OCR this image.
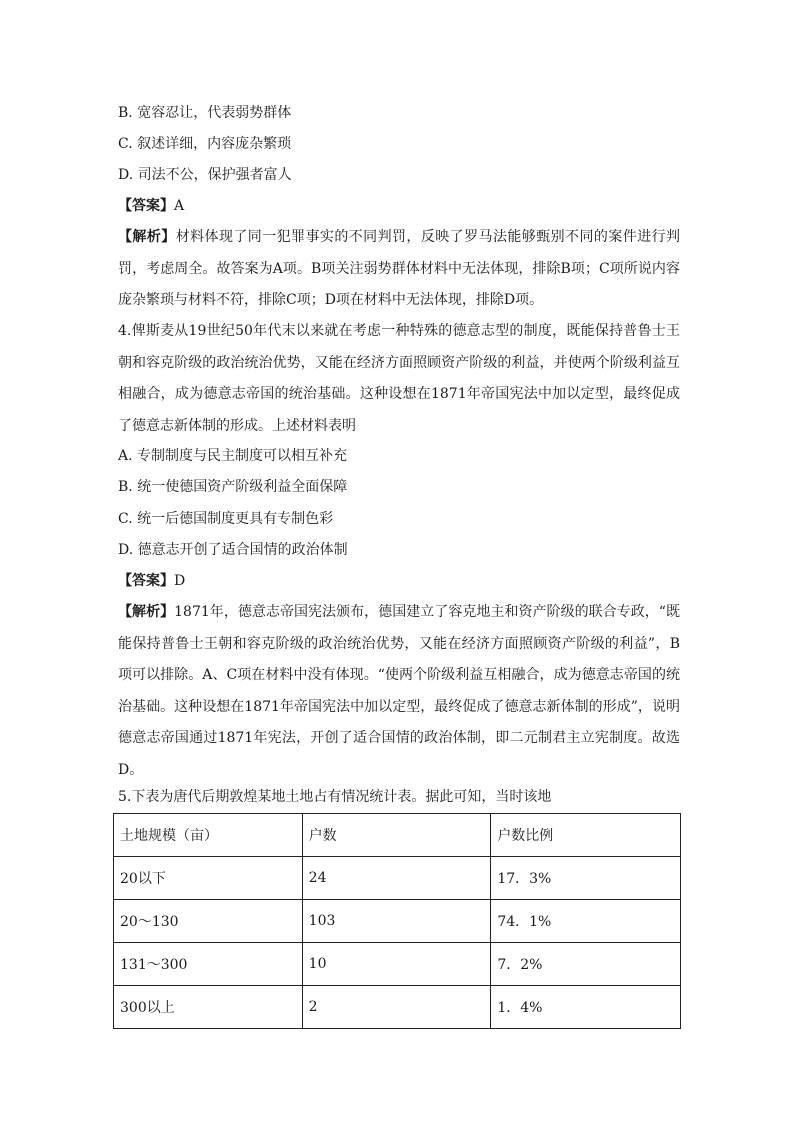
B. 宽容忍让，代表弱势群体
C. 叙述详细，内容庞杂繁琐
D. 司法不公，保护强者富人
【答案】A
【解析】材料体现了同一犯罪事实的不同判罚，反映了罗马法能够甄别不同的案件进行判罚，考虑周全。故答案为A项。B项关注弱势群体材料中无法体现，排除B项；C项所说内容庞杂繁琐与材料不符，排除C项；D项在材料中无法体现，排除D项。
4.俾斯麦从19世纪50年代末以来就在考虑一种特殊的德意志型的制度，既能保持普鲁士王朝和容克阶级的政治统治优势，又能在经济方面照顾资产阶级的利益，并使两个阶级利益互相融合，成为德意志帝国的统治基础。这种设想在1871年帝国宪法中加以定型，最终促成了德意志新体制的形成。上述材料表明
A. 专制制度与民主制度可以相互补充
B. 统一使德国资产阶级利益全面保障
C. 统一后德国制度更具有专制色彩
D. 德意志开创了适合国情的政治体制
【答案】D
【解析】1871年，德意志帝国宪法颁布，德国建立了容克地主和资产阶级的联合专政，“既能保持普鲁士王朝和容克阶级的政治统治优势，又能在经济方面照顾资产阶级的利益”，B项可以排除。A、C项在材料中没有体现。“使两个阶级利益互相融合，成为德意志帝国的统治基础。这种设想在1871年帝国宪法中加以定型，最终促成了德意志新体制的形成”，说明德意志帝国通过1871年宪法，开创了适合国情的政治体制，即二元制君主立宪制度。故选D。
5.下表为唐代后期敦煌某地土地占有情况统计表。据此可知，当时该地
土地规模（亩）	户数	户数比例
20以下	24	17．3%
20～130	103	74．1%
131～300	10	7．2%
300以上	2	1．4%
